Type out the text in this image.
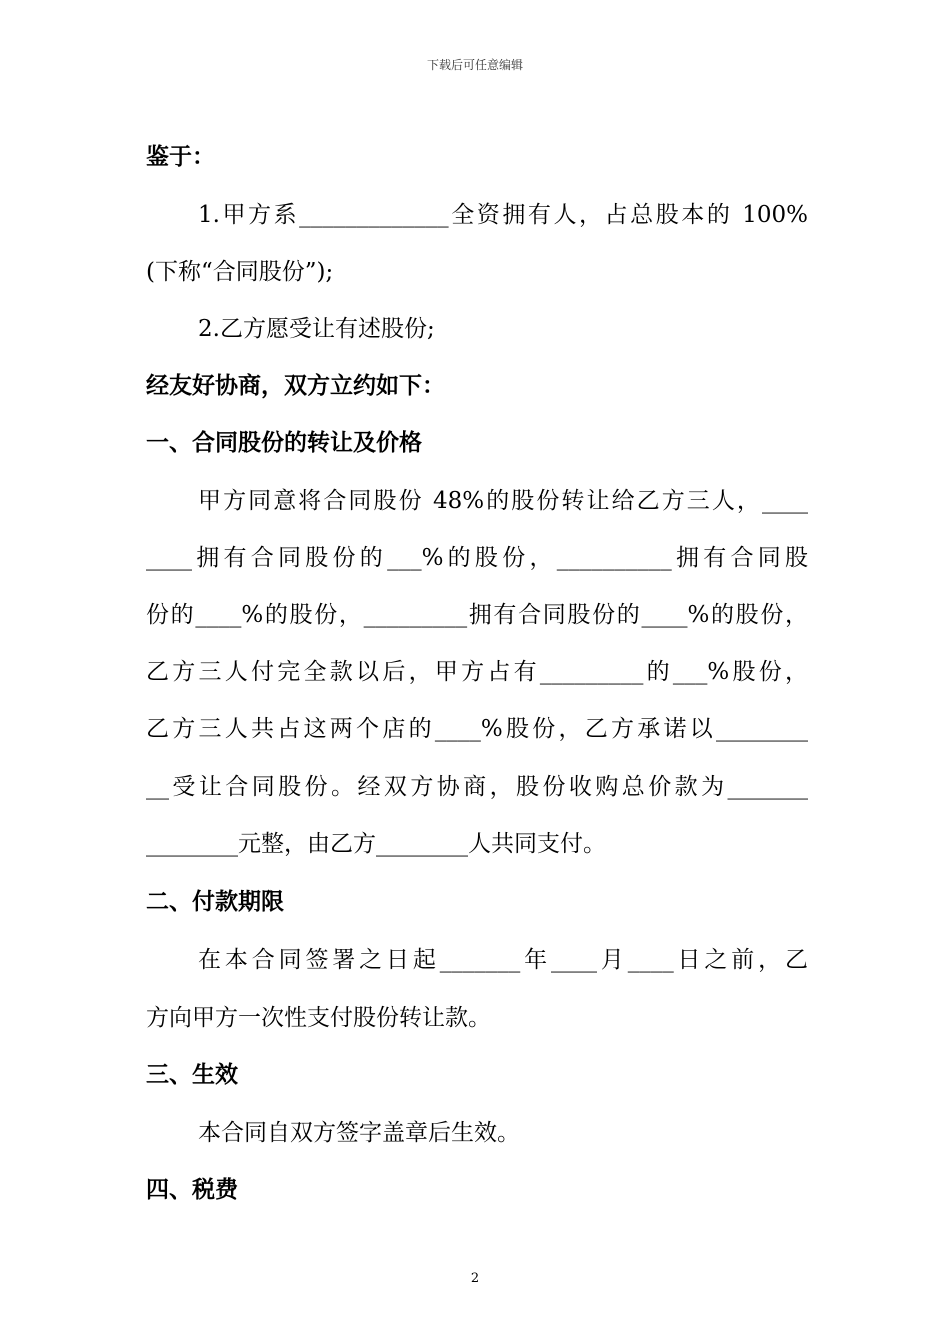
下载后可任意编辑
鉴于：
1.甲方系_____________全资拥有人，占总股本的 100%
(下称“合同股份”);
2.乙方愿受让有述股份;
经友好协商，双方立约如下：
一、合同股份的转让及价格
甲方同意将合同股份 48%的股份转让给乙方三人，____
____拥有合同股份的___%的股份，__________拥有合同股
份的____%的股份，_________拥有合同股份的____%的股份，
乙方三人付完全款以后，甲方占有_________的___%股份，
乙方三人共占这两个店的____%股份，乙方承诺以________
__受让合同股份。经双方协商，股份收购总价款为_______
________元整，由乙方________人共同支付。
二、付款期限
在本合同签署之日起_______年____月____日之前，乙
方向甲方一次性支付股份转让款。
三、生效
本合同自双方签字盖章后生效。
四、税费
2
